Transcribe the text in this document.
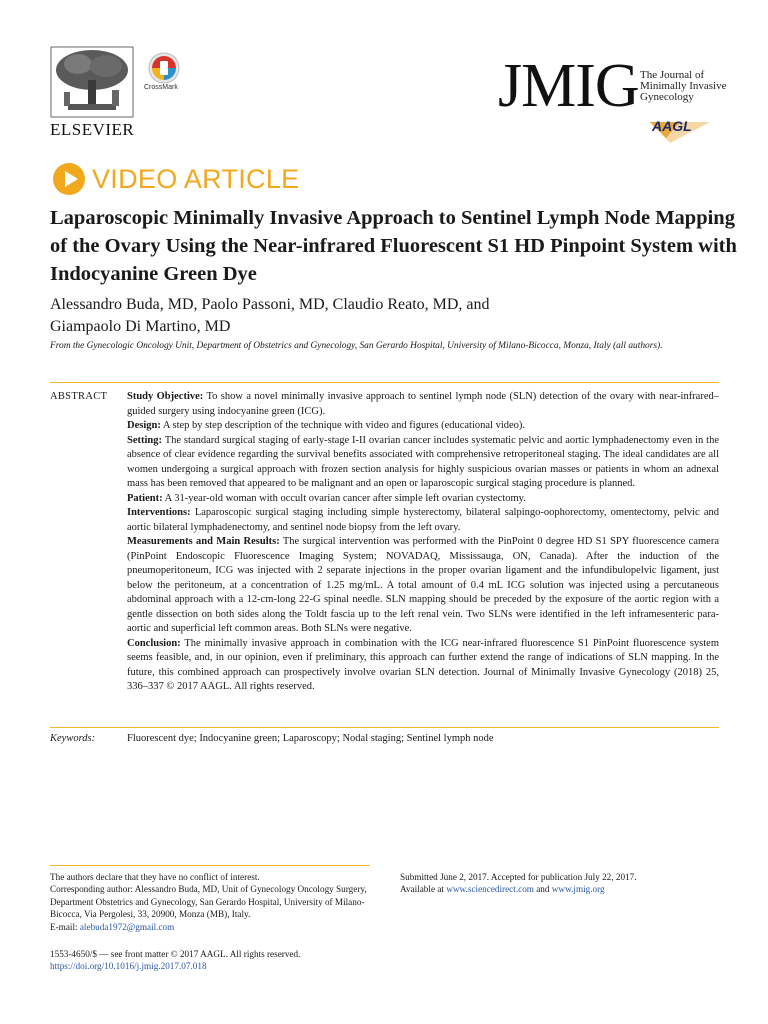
ELSEVIER
CrossMark	JMIG The Journal of
Minimally Invasive
Gynecology
AAGL
VIDEO ARTICLE
Laparoscopic Minimally Invasive Approach to Sentinel Lymph Node Mapping of the Ovary Using the Near-infrared Fluorescent S1 HD Pinpoint System with Indocyanine Green Dye
Alessandro Buda, MD, Paolo Passoni, MD, Claudio Reato, MD, and
Giampaolo Di Martino, MD
From the Gynecologic Oncology Unit, Department of Obstetrics and Gynecology, San Gerardo Hospital, University of Milano-Bicocca, Monza, Italy (all authors).
ABSTRACT Study Objective: To show a novel minimally invasive approach to sentinel lymph node (SLN) detection of the ovary with near-infrared–guided surgery using indocyanine green (ICG).

Design: A step by step description of the technique with video and figures (educational video).

Setting: The standard surgical staging of early-stage I-II ovarian cancer includes systematic pelvic and aortic lymphadenectomy even in the absence of clear evidence regarding the survival benefits associated with comprehensive retroperitoneal staging. The ideal candidates are all women undergoing a surgical approach with frozen section analysis for highly suspicious ovarian masses or patients in whom an adnexal mass has been removed that appeared to be malignant and an open or laparoscopic surgical staging procedure is planned.

Patient: A 31-year-old woman with occult ovarian cancer after simple left ovarian cystectomy.

Interventions: Laparoscopic surgical staging including simple hysterectomy, bilateral salpingo-oophorectomy, omentectomy, pelvic and aortic bilateral lymphadenectomy, and sentinel node biopsy from the left ovary.

Measurements and Main Results: The surgical intervention was performed with the PinPoint 0 degree HD S1 SPY fluorescence camera (PinPoint Endoscopic Fluorescence Imaging System; NOVADAQ, Mississauga, ON, Canada). After the induction of the pneumoperitoneum, ICG was injected with 2 separate injections in the proper ovarian ligament and the infundibulopelvic ligament, just below the peritoneum, at a concentration of 1.25 mg/mL. A total amount of 0.4 mL ICG solution was injected using a percutaneous abdominal approach with a 12-cm-long 22-G spinal needle. SLN mapping should be preceded by the exposure of the aortic region with a gentle dissection on both sides along the Toldt fascia up to the left renal vein. Two SLNs were identified in the left inframesenteric para-aortic and superficial left common areas. Both SLNs were negative.

Conclusion: The minimally invasive approach in combination with the ICG near-infrared fluorescence S1 PinPoint fluorescence system seems feasible, and, in our opinion, even if preliminary, this approach can further extend the range of indications of SLN mapping. In the future, this combined approach can prospectively involve ovarian SLN detection. Journal of Minimally Invasive Gynecology (2018) 25, 336–337 © 2017 AAGL. All rights reserved.

Keywords:	Fluorescent dye; Indocyanine green; Laparoscopy; Nodal staging; Sentinel lymph node

The authors declare that they have no conflict of interest.

Corresponding author: Alessandro Buda, MD, Unit of Gynecology Oncology Surgery, Department Obstetrics and Gynecology, San Gerardo Hospital, University of Milano-Bicocca, Via Pergolesi, 33, 20900, Monza (MB), Italy.

E-mail: alebuda1972@gmail.com

Submitted June 2, 2017. Accepted for publication July 22, 2017.

Available at www.sciencedirect.com and www.jmig.org

1553-4650/$ — see front matter © 2017 AAGL. All rights reserved.

https://doi.org/10.1016/j.jmig.2017.07.018
